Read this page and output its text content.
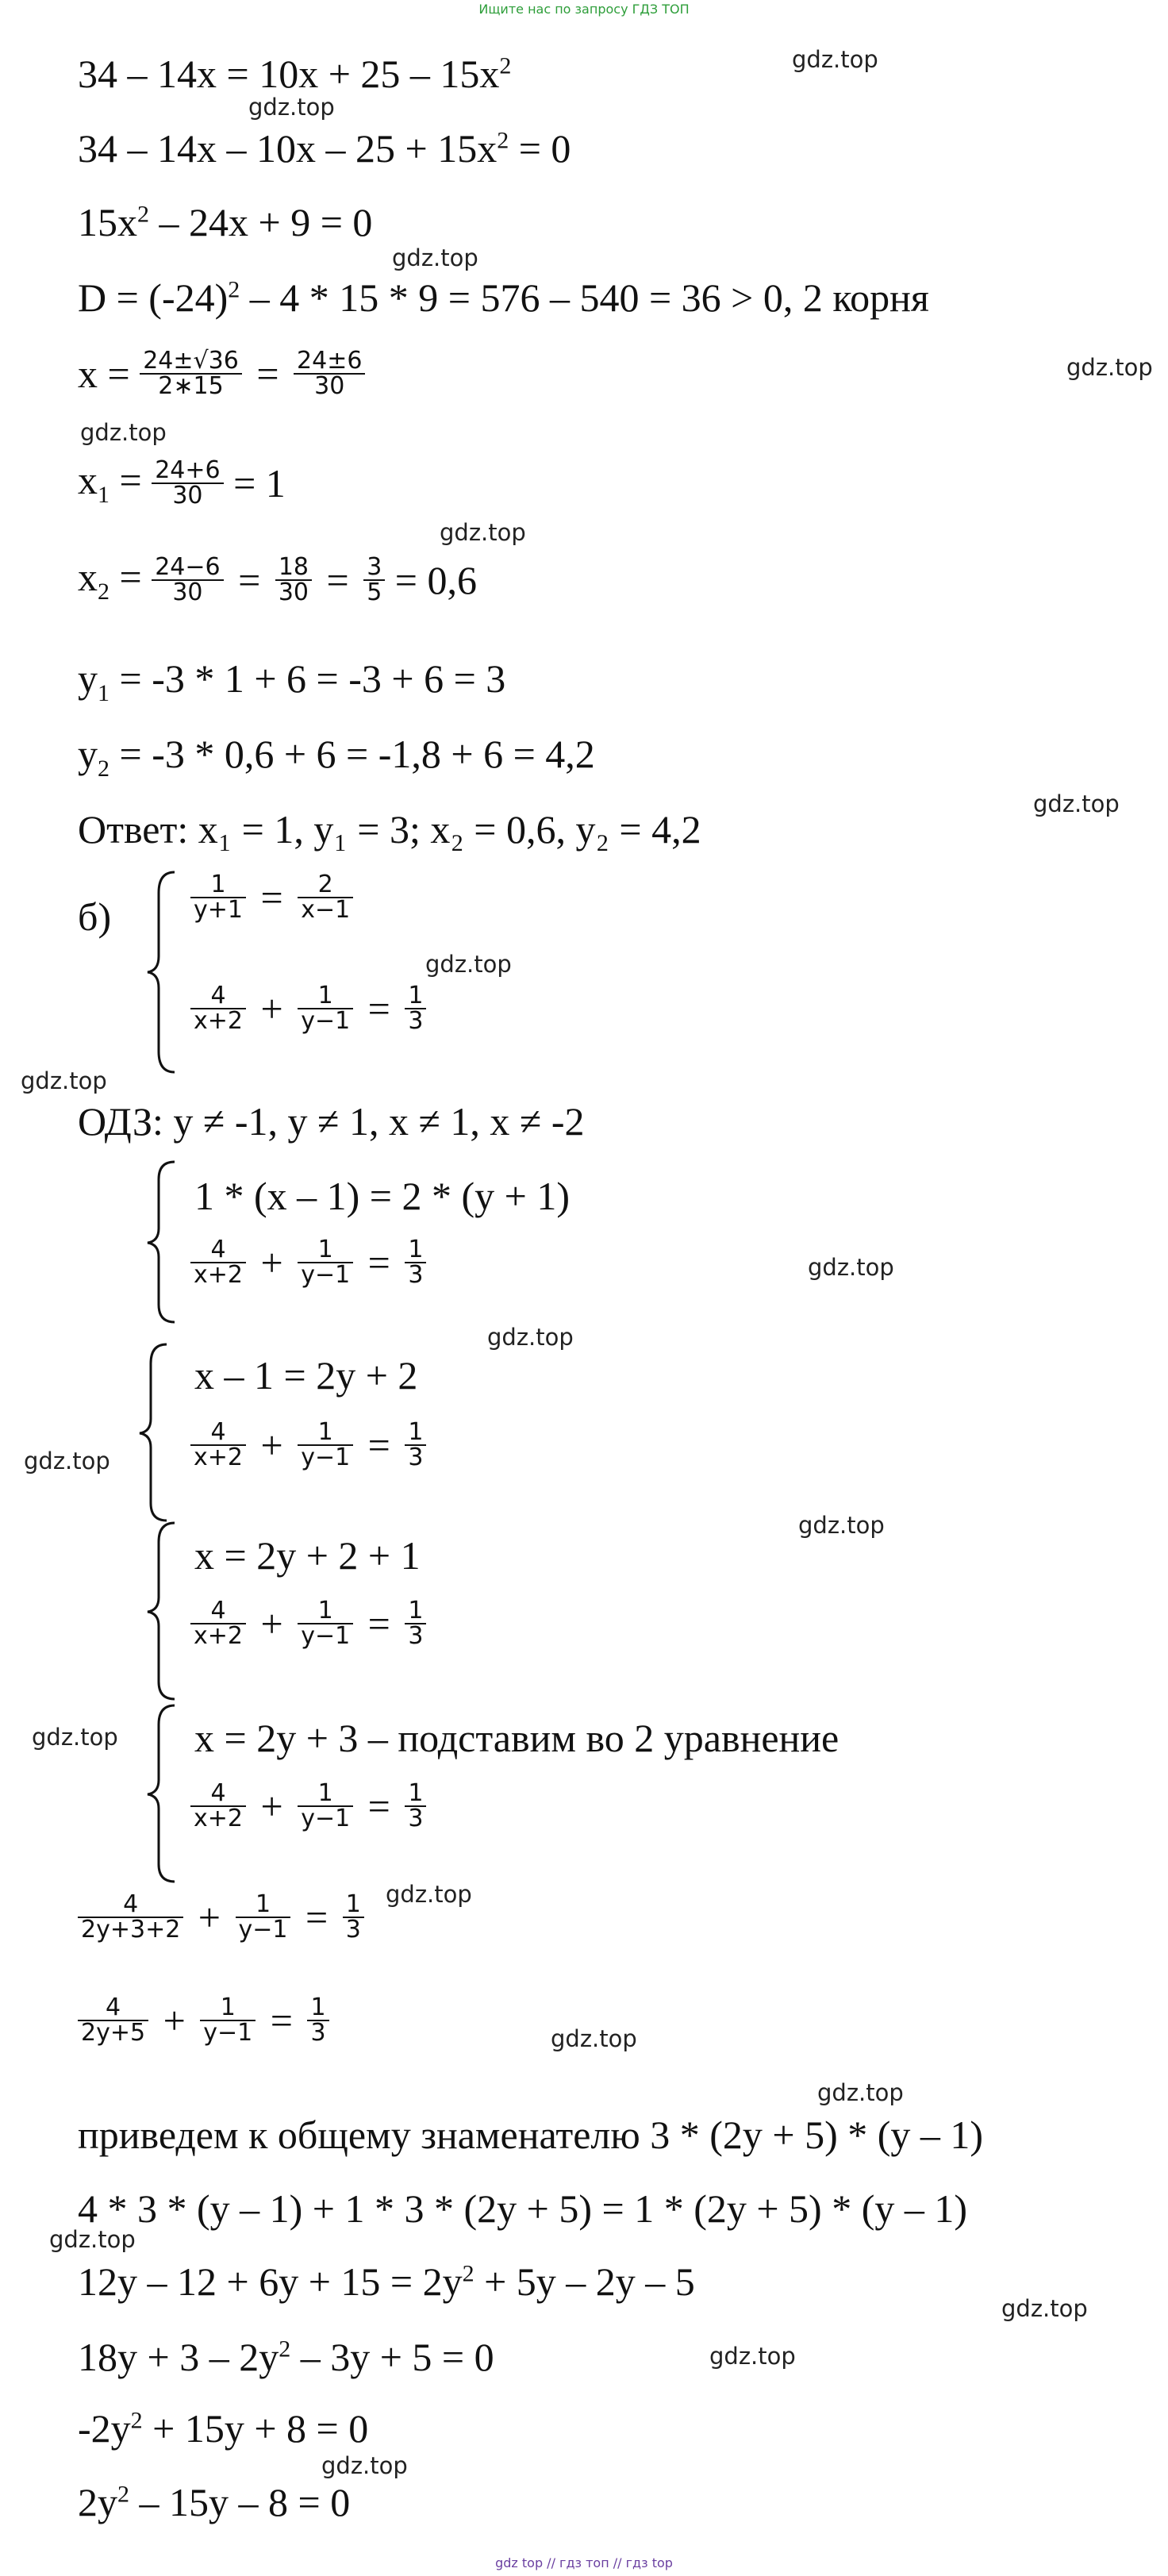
Ищите нас по запросу ГДЗ ТОП
$34 - 14x = 10x + 25 - 15x^2$
$34 - 14x - 10x - 25 + 15x^2 = 0$
$15x^2 - 24x + 9 = 0$
$D = (-24)^2 - 4 * 15 * 9 = 576 - 540 = 36 > 0$, 2 корня
$x = \frac{24\pm√36}{2∗15} = \frac{24\pm 6}{30}$
$x_1 = \frac{24+6}{30} = 1$
$x_2 = \frac{24-6}{30} = \frac{18}{30} = \frac{3}{5} = 0,6$
$y_1 = -3 * 1 + 6 = -3 + 6 = 3$
$y_2 = -3 * 0,6 + 6 = -1,8 + 6 = 4,2$
Ответ: x₁ = 1, y₁ = 3; x₂ = 0,6, y₂ = 4,2
б)	$\frac{1}{y+1} = \frac{2}{x-1}$
$\frac{4}{x+2} + \frac{1}{y-1} = \frac{1}{3}$
ОДЗ: y ≠ -1, y ≠ 1, x ≠ 1, x ≠ -2
1 * (x – 1) = 2 * (y + 1)
$\frac{4}{x+2} + \frac{1}{y-1} = \frac{1}{3}$
x – 1 = 2y + 2
$\frac{4}{x+2} + \frac{1}{y-1} = \frac{1}{3}$
x = 2y + 2 + 1
$\frac{4}{x+2} + \frac{1}{y-1} = \frac{1}{3}$
x = 2y + 3 – подставим во 2 уравнение
$\frac{4}{x+2} + \frac{1}{y-1} = \frac{1}{3}$
$\frac{4}{2y+3+2} + \frac{1}{y-1} = \frac{1}{3}$
$\frac{4}{2y+5} + \frac{1}{y-1} = \frac{1}{3}$
приведем к общему знаменателю 3 * (2y + 5) * (y – 1)
4 * 3 * (y – 1) + 1 * 3 * (2y + 5) = 1 * (2y + 5) * (y – 1)
$12y - 12 + 6y + 15 = 2y^2 + 5y - 2y - 5$
$18y + 3 - 2y^2 - 3y + 5 = 0$
$-2y^2 + 15y + 8 = 0$
$2y^2 - 15y - 8 = 0$
gdz.top
gdz.top
gdz.top
gdz.top
gdz.top
gdz.top
gdz.top
gdz.top
gdz.top
gdz.top
gdz.top
gdz.top
gdz.top
gdz.top
gdz.top
gdz.top
gdz.top
gdz.top
gdz.top
gdz.top
gdz.top
gdz top // гдз топ // гдз top
